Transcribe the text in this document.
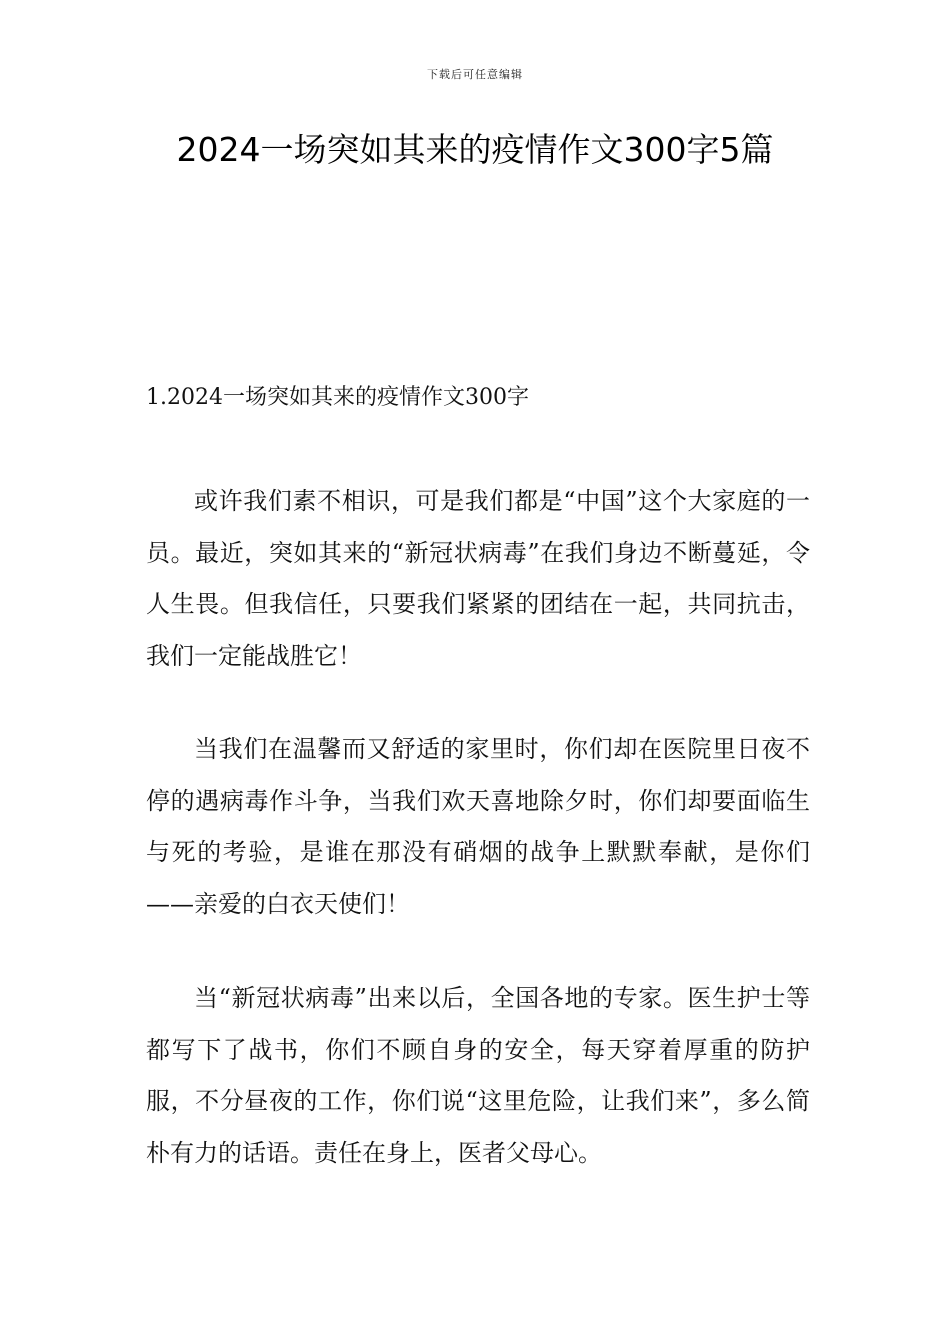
下载后可任意编辑
2024一场突如其来的疫情作文300字5篇
1.2024一场突如其来的疫情作文300字

或许我们素不相识，可是我们都是“中国”这个大家庭的一员。最近，突如其来的“新冠状病毒”在我们身边不断蔓延，令人生畏。但我信任，只要我们紧紧的团结在一起，共同抗击，我们一定能战胜它！

当我们在温馨而又舒适的家里时，你们却在医院里日夜不停的遇病毒作斗争，当我们欢天喜地除夕时，你们却要面临生与死的考验，是谁在那没有硝烟的战争上默默奉献，是你们——亲爱的白衣天使们！

当“新冠状病毒”出来以后，全国各地的专家。医生护士等都写下了战书，你们不顾自身的安全，每天穿着厚重的防护服，不分昼夜的工作，你们说“这里危险，让我们来”，多么简朴有力的话语。责任在身上，医者父母心。
